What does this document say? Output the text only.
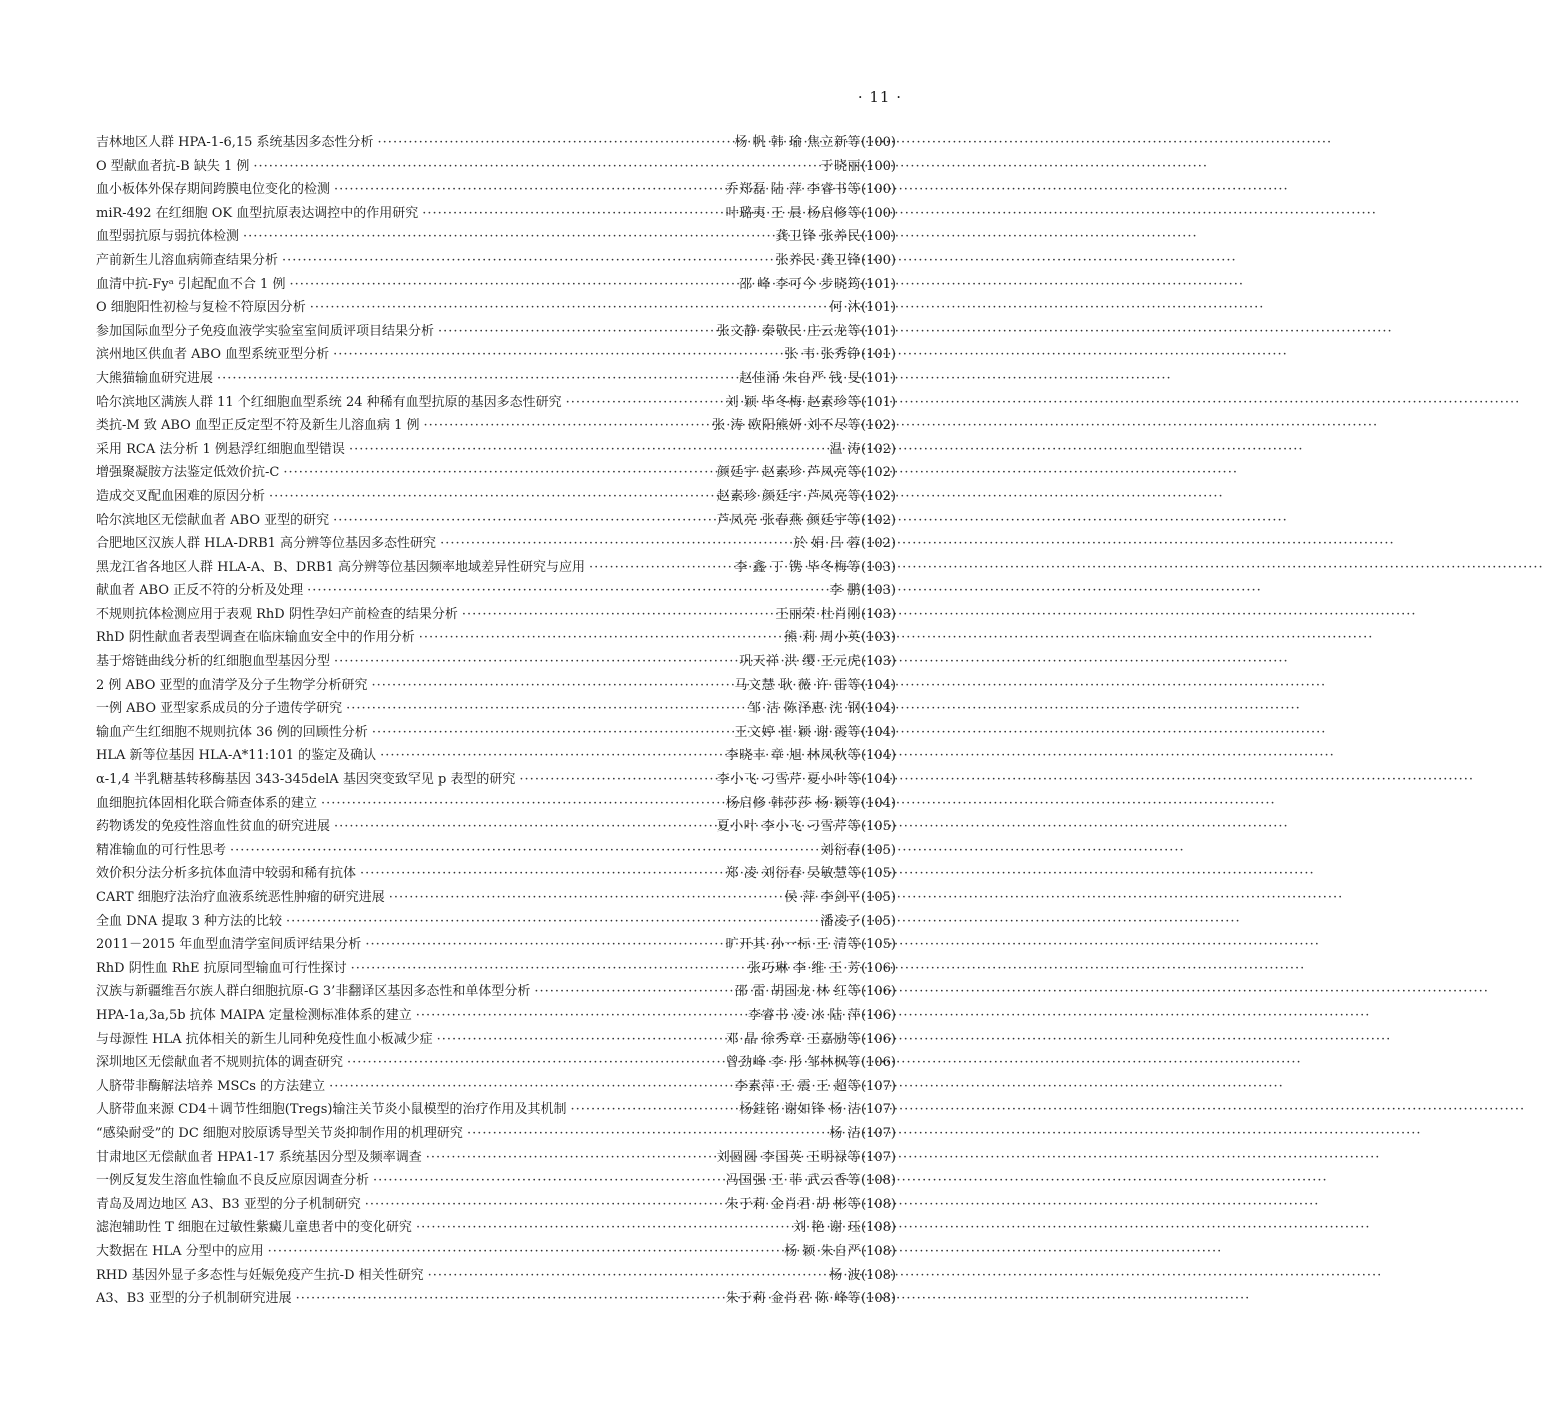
· 11 ·
吉林地区人群 HPA-1-6,15 系统基因多态性分析 ·····	杨 帆 韩 瑜 焦立新等 (100)
O 型献血者抗-B 缺失 1 例 ·····	于晓丽 (100)
血小板体外保存期间跨膜电位变化的检测 ·····	乔郑磊 陆 萍 李睿书等 (100)
miR-492 在红细胞 OK 血型抗原表达调控中的作用研究 ·····	叶璐夷 王 晨 杨启修等 (100)
血型弱抗原与弱抗体检测 ·····	龚卫锋 张养民 (100)
产前新生儿溶血病筛查结果分析 ·····	张养民 龚卫锋 (100)
血清中抗-Fyᵃ 引起配血不合 1 例 ·····	邵 峰 李可今 步晓筠 (101)
O 细胞阳性初检与复检不符原因分析 ·····	何 沐 (101)
参加国际血型分子免疫血液学实验室室间质评项目结果分析 ·····	张文静 秦敬民 庄云龙等 (101)
滨州地区供血者 ABO 血型系统亚型分析 ·····	张 韦 张秀铮 (101)
大熊猫输血研究进展 ·····	赵佳涌 朱自严 钱 旻 (101)
哈尔滨地区满族人群 11 个红细胞血型系统 24 种稀有血型抗原的基因多态性研究 ·····	刘 颖 毕冬梅 赵素珍等 (101)
类抗-M 致 ABO 血型正反定型不符及新生儿溶血病 1 例 ·····	张 涛 欧阳熊妍 刘不尽等 (102)
采用 RCA 法分析 1 例悬浮红细胞血型错误 ·····	温 涛 (102)
增强聚凝胺方法鉴定低效价抗-C ·····	颜廷宇 赵素珍 芦凤亮等 (102)
造成交叉配血困难的原因分析 ·····	赵素珍 颜廷宇 芦凤亮等 (102)
哈尔滨地区无偿献血者 ABO 亚型的研究 ·····	芦凤亮 张春燕 颜廷宇等 (102)
合肥地区汉族人群 HLA-DRB1 高分辨等位基因多态性研究 ·····	於 娟 吕 蓉 (102)
黑龙江省各地区人群 HLA-A、B、DRB1 高分辨等位基因频率地域差异性研究与应用 ·····	李 鑫 丁 镌 毕冬梅等 (103)
献血者 ABO 正反不符的分析及处理 ·····	李 鹏 (103)
不规则抗体检测应用于表观 RhD 阴性孕妇产前检查的结果分析 ·····	王丽荣 杜肖刚 (103)
RhD 阴性献血者表型调查在临床输血安全中的作用分析 ·····	熊 莉 周小英 (103)
基于熔链曲线分析的红细胞血型基因分型 ·····	巩天祥 洪 缨 王元虎 (103)
2 例 ABO 亚型的血清学及分子生物学分析研究 ·····	马文慧 耿 薇 许 雷等 (104)
一例 ABO 亚型家系成员的分子遗传学研究 ·····	邹 洁 陈泽惠 沈 钢 (104)
输血产生红细胞不规则抗体 36 例的回顾性分析 ·····	王文婷 崔 颖 谢 霞等 (104)
HLA 新等位基因 HLA-A*11:101 的鉴定及确认 ·····	李晓丰 章 旭 林凤秋等 (104)
α-1,4 半乳糖基转移酶基因 343-345delA 基因突变致罕见 p 表型的研究 ·····	李小飞 刁雪芹 夏小叶等 (104)
血细胞抗体固相化联合筛查体系的建立 ·····	杨启修 韩莎莎 杨 颖等 (104)
药物诱发的免疫性溶血性贫血的研究进展 ·····	夏小叶 李小飞 刁雪芹等 (105)
精准输血的可行性思考 ·····	刘衍春 (105)
效价积分法分析多抗体血清中较弱和稀有抗体 ·····	郑 凌 刘衍春 吴敏慧等 (105)
CART 细胞疗法治疗血液系统恶性肿瘤的研究进展 ·····	侯 萍 李剑平 (105)
全血 DNA 提取 3 种方法的比较 ·····	潘凌子 (105)
2011－2015 年血型血清学室间质评结果分析 ·····	旷开其 孙一标 王 清等 (105)
RhD 阴性血 RhE 抗原同型输血可行性探讨 ·····	张巧琳 李 维 王 芳 (106)
汉族与新疆维吾尔族人群白细胞抗原-G 3’非翻译区基因多态性和单体型分析 ·····	邵 雷 胡国龙 林 红等 (106)
HPA-1a,3a,5b 抗体 MAIPA 定量检测标准体系的建立 ·····	李睿书 凌 冰 陆 萍 (106)
与母源性 HLA 抗体相关的新生儿同种免疫性血小板减少症 ·····	邓 晶 徐秀章 王嘉励等 (106)
深圳地区无偿献血者不规则抗体的调查研究 ·····	曾劲峰 李 彤 邹林枫等 (106)
人脐带非酶解法培养 MSCs 的方法建立 ·····	李素萍 王 震 王 超等 (107)
人脐带血来源 CD4＋调节性细胞(Tregs)输注关节炎小鼠模型的治疗作用及其机制 ·····	杨銈铭 谢如锋 杨 洁 (107)
“感染耐受”的 DC 细胞对胶原诱导型关节炎抑制作用的机理研究 ·····	杨 洁 (107)
甘肃地区无偿献血者 HPA1-17 系统基因分型及频率调查 ·····	刘圆圆 李国英 王明禄等 (107)
一例反复发生溶血性输血不良反应原因调查分析 ·····	冯国强 王 菲 武云香等 (108)
青岛及周边地区 A3、B3 亚型的分子机制研究 ·····	朱于莉 金肖君 胡 彬等 (108)
滤泡辅助性 T 细胞在过敏性紫癜儿童患者中的变化研究 ·····	刘 艳 谢 珏 (108)
大数据在 HLA 分型中的应用 ·····	杨 颖 朱自严 (108)
RHD 基因外显子多态性与妊娠免疫产生抗-D 相关性研究 ·····	杨 波 (108)
A3、B3 亚型的分子机制研究进展 ·····	朱于莉 金肖君 陈 峰等 (108)
